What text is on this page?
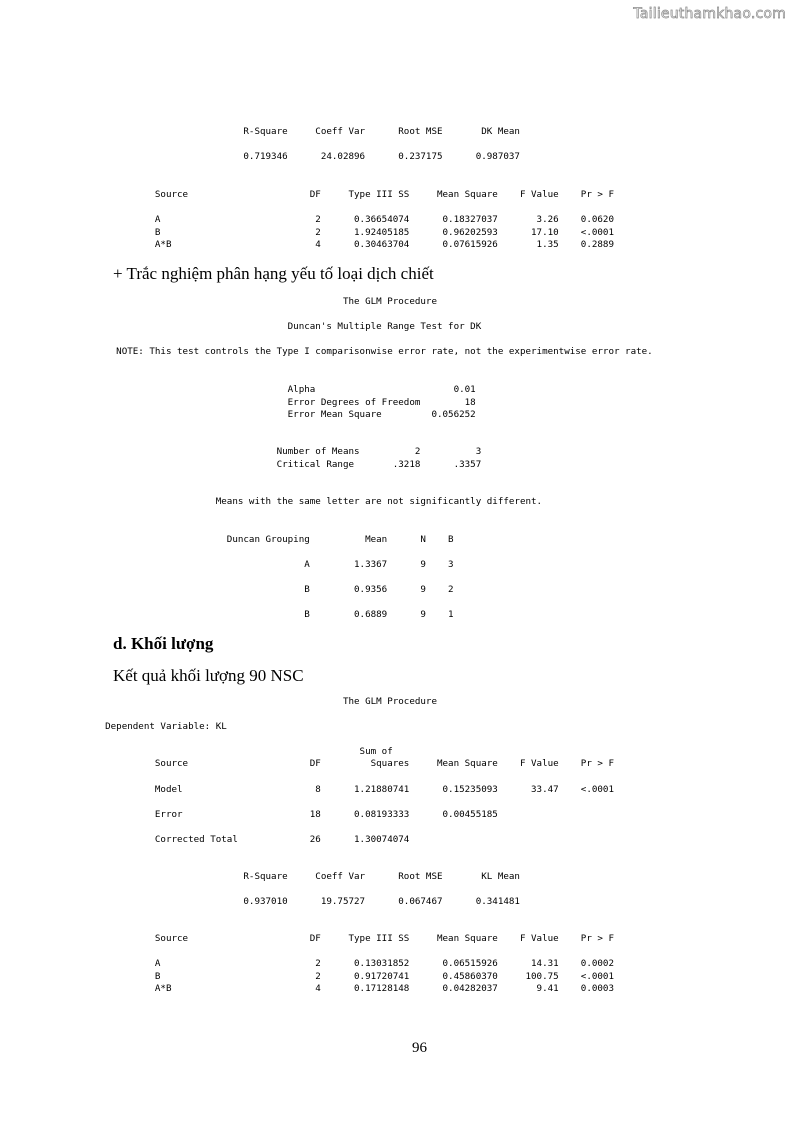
Tailieuthamkhao.com
R-Square     Coeff Var      Root MSE       DK Mean

0.719346      24.02896      0.237175      0.987037
Source                      DF     Type III SS     Mean Square    F Value    Pr > F

A                            2      0.36654074      0.18327037       3.26    0.0620
B                            2      1.92405185      0.96202593      17.10    <.0001
A*B                          4      0.30463704      0.07615926       1.35    0.2889
+ Trắc nghiệm phân hạng yếu tố loại dịch chiết
The GLM Procedure
Duncan's Multiple Range Test for DK
NOTE: This test controls the Type I comparisonwise error rate, not the experimentwise error rate.
Alpha                         0.01
Error Degrees of Freedom        18
Error Mean Square         0.056252
Number of Means          2          3
Critical Range       .3218      .3357
Means with the same letter are not significantly different.
Duncan Grouping          Mean      N    B
A        1.3367      9    3
B        0.9356      9    2
B        0.6889      9    1
d. Khối lượng
Kết quả khối lượng 90 NSC
The GLM Procedure
Dependent Variable: KL
Sum of
Source                      DF         Squares     Mean Square    F Value    Pr > F
Model                        8      1.21880741      0.15235093      33.47    <.0001
Error                       18      0.08193333      0.00455185
Corrected Total             26      1.30074074
R-Square     Coeff Var      Root MSE       KL Mean

0.937010      19.75727      0.067467      0.341481
Source                      DF     Type III SS     Mean Square    F Value    Pr > F

A                            2      0.13031852      0.06515926      14.31    0.0002
B                            2      0.91720741      0.45860370     100.75    <.0001
A*B                          4      0.17128148      0.04282037       9.41    0.0003
96
